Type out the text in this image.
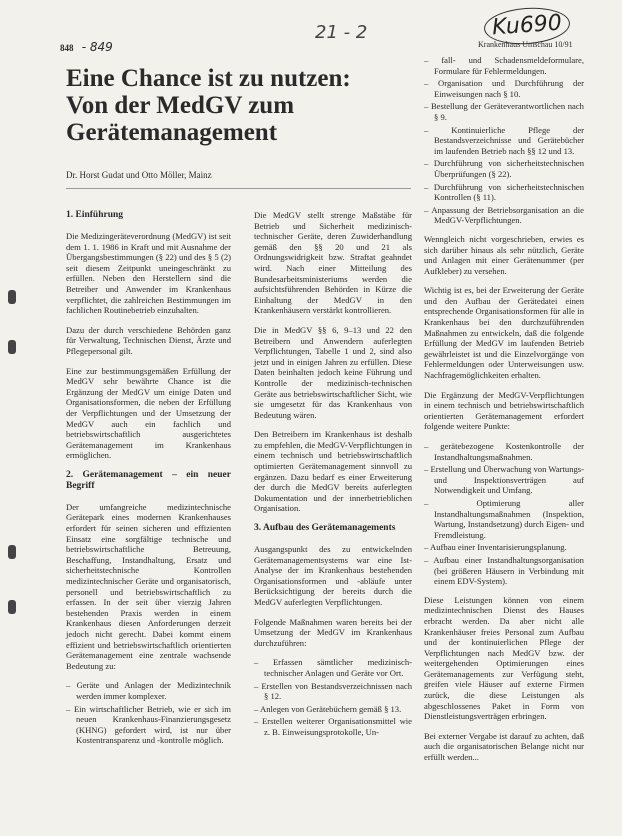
848 - 849
21 - 2	Ku690
Krankenhaus Umschau 10/91
Eine Chance ist zu nutzen: Von der MedGV zum Gerätemanagement
Dr. Horst Gudat und Otto Möller, Mainz
1. Einführung

Die Medizingeräteverordnung (MedGV) ist seit dem 1. 1. 1986 in Kraft und mit Ausnahme der Übergangsbestimmungen (§ 22) und des § 5 (2) seit diesem Zeitpunkt uneingeschränkt zu erfüllen. Neben den Herstellern sind die Betreiber und Anwender im Krankenhaus verpflichtet, die zahlreichen Bestimmungen im fachlichen Routinebetrieb einzuhalten.

Dazu der durch verschiedene Behörden ganz für Verwaltung, Technischen Dienst, Ärzte und Pflegepersonal gilt.

Eine zur bestimmungsgemäßen Erfüllung der MedGV sehr bewährte Chance ist die Ergänzung der MedGV um einige Daten und Organisationsformen, die neben der Erfüllung der Verpflichtungen und der Umsetzung der MedGV auch ein fachlich und betriebswirtschaftlich ausgerichtetes Gerätemanagement im Krankenhaus ermöglichen.

2. Gerätemanagement – ein neuer Begriff

Der umfangreiche medizintechnische Gerätepark eines modernen Krankenhauses erfordert für seinen sicheren und effizienten Einsatz eine sorgfältige technische und betriebswirtschaftliche Betreuung, Beschaffung, Instandhaltung, Ersatz und sicherheitstechnische Kontrollen medizintechnischer Geräte und organisatorisch, personell und betriebswirtschaftlich zu erfassen. In der seit über vierzig Jahren bestehenden Praxis werden in einem Krankenhaus diesen Anforderungen derzeit jedoch nicht gerecht. Dabei kommt einem effizient und betriebswirtschaftlich orientierten Gerätemanagement eine zentrale wachsende Bedeutung zu:

– Geräte und Anlagen der Medizintechnik werden immer komplexer.
– Ein wirtschaftlicher Betrieb, wie er sich im neuen Krankenhaus-Finanzierungsgesetz (KHNG) gefordert wird, ist nur über Kostentransparenz und -kontrolle möglich.

Die MedGV stellt strenge Maßstäbe für Betrieb und Sicherheit medizinisch-technischer Geräte, deren Zuwiderhandlung gemäß den §§ 20 und 21 als Ordnungswidrigkeit bzw. Straftat geahndet wird. Nach einer Mitteilung des Bundesarbeitsministeriums werden die aufsichtsführenden Behörden in Kürze die Einhaltung der MedGV in den Krankenhäusern verstärkt kontrollieren.

Die in MedGV §§ 6, 9–13 und 22 den Betreibern und Anwendern auferlegten Verpflichtungen, Tabelle 1 und 2, sind also jetzt und in einigen Jahren zu erfüllen. Diese Daten beinhalten jedoch keine Führung und Kontrolle der medizinisch-technischen Geräte aus betriebswirtschaftlicher Sicht, wie sie umgesetzt für das Krankenhaus von Bedeutung wären.

Den Betreibern im Krankenhaus ist deshalb zu empfehlen, die MedGV-Verpflichtungen in einem technisch und betriebswirtschaftlich optimierten Gerätemanagement sinnvoll zu ergänzen. Dazu bedarf es einer Erweiterung der durch die MedGV bereits auferlegten Dokumentation und der innerbetrieblichen Organisation.

3. Aufbau des Gerätemanagements

Ausgangspunkt des zu entwickelnden Gerätemanagementsystems war eine Ist-Analyse der im Krankenhaus bestehenden Organisationsformen und -abläufe unter Berücksichtigung der bereits durch die MedGV auferlegten Verpflichtungen.

Folgende Maßnahmen waren bereits bei der Umsetzung der MedGV im Krankenhaus durchzuführen:

– Erfassen sämtlicher medizinisch-technischer Anlagen und Geräte vor Ort.
– Erstellen von Bestandsverzeichnissen nach § 12.
– Anlegen von Gerätebüchern gemäß § 13.
– Erstellen weiterer Organisationsmittel wie z. B. Einweisungsprotokolle, Un-
– fall- und Schadensmeldeformulare, Formulare für Fehlermeldungen.
– Organisation und Durchführung der Einweisungen nach § 10.
– Bestellung der Geräteverantwortlichen nach § 9.
– Kontinuierliche Pflege der Bestandsverzeichnisse und Gerätebücher im laufenden Betrieb nach §§ 12 und 13.
– Durchführung von sicherheitstechnischen Überprüfungen (§ 22).
– Durchführung von sicherheitstechnischen Kontrollen (§ 11).
– Anpassung der Betriebsorganisation an die MedGV-Verpflichtungen.

Wenngleich nicht vorgeschrieben, erwies es sich darüber hinaus als sehr nützlich, Geräte und Anlagen mit einer Gerätenummer (per Aufkleber) zu versehen.

Wichtig ist es, bei der Erweiterung der Geräte und den Aufbau der Gerätedatei einen entsprechende Organisationsformen für alle in Krankenhaus bei den durchzuführenden Maßnahmen zu entwickeln, daß die folgende Erfüllung der MedGV im laufenden Betrieb gewährleistet ist und die Einzelvorgänge von Fehlermeldungen oder Unterweisungen usw. Nachfragemöglichkeiten erhalten.

Die Ergänzung der MedGV-Verpflichtungen in einem technisch und betriebswirtschaftlich orientierten Gerätemanagement erfordert folgende weitere Punkte:

– gerätebezogene Kostenkontrolle der Instandhaltungsmaßnahmen.
– Erstellung und Überwachung von Wartungs- und Inspektionsverträgen auf Notwendigkeit und Umfang.
– Optimierung aller Instandhaltungsmaßnahmen (Inspektion, Wartung, Instandsetzung) durch Eigen- und Fremdleistung.
– Aufbau einer Inventarisierungsplanung.
– Aufbau einer Instandhaltungsorganisation (bei größeren Häusern in Verbindung mit einem EDV-System).

Diese Leistungen können von einem medizintechnischen Dienst des Hauses erbracht werden. Da aber nicht alle Krankenhäuser freies Personal zum Aufbau und der kontinuierlichen Pflege der Verpflichtungen nach MedGV bzw. der weitergehenden Optimierungen eines Gerätemanagements zur Verfügung steht, greifen viele Häuser auf externe Firmen zurück, die diese Leistungen als abgeschlossenes Paket in Form von Dienstleistungsverträgen erbringen.

Bei externer Vergabe ist darauf zu achten, daß auch die organisatorischen Belange nicht nur erfüllt werden...
